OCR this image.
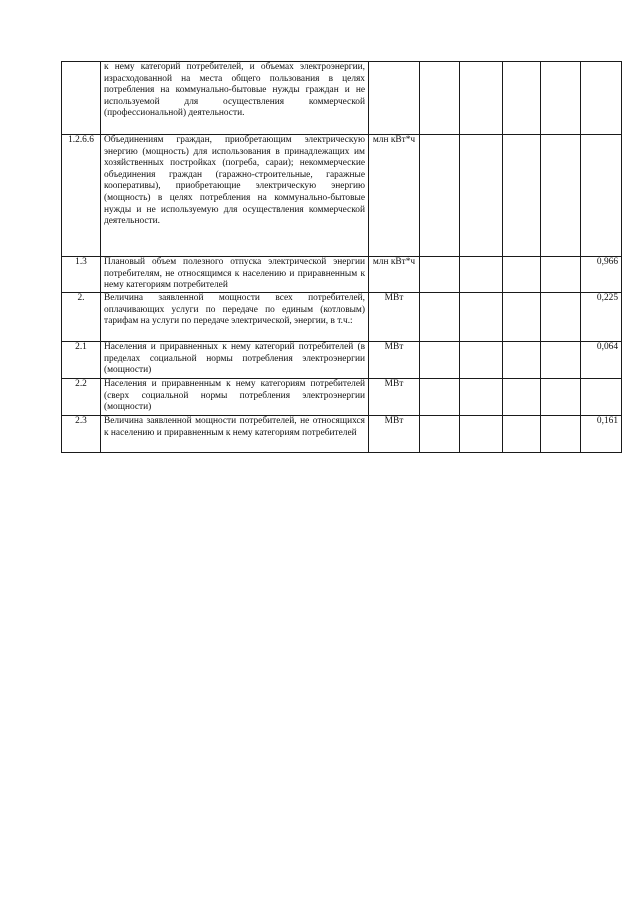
	к нему категорий потребителей, и объемах электроэнергии, израсходованной на места общего пользования в целях потребления на коммунально-бытовые нужды граждан и не используемой для осуществления коммерческой (профессиональной) деятельности.						
1.2.6.6	Объединениям граждан, приобретающим электрическую энергию (мощность) для использования в принадлежащих им хозяйственных постройках (погреба, сараи); некоммерческие объединения граждан (гаражно-строительные, гаражные кооперативы), приобретающие электрическую энергию (мощность) в целях потребления на коммунально-бытовые нужды и не используемую для осуществления коммерческой деятельности.	млн кВт*ч					
1.3	Плановый объем полезного отпуска электрической энергии потребителям, не относящимся к населению и приравненным к нему категориям потребителей	млн кВт*ч					0,966
2.	Величина заявленной мощности всех потребителей, оплачивающих услуги по передаче по единым (котловым) тарифам на услуги по передаче электрической, энергии, в т.ч.:	МВт					0,225
2.1	Населения и приравненных к нему категорий потребителей (в пределах социальной нормы потребления электроэнергии (мощности)	МВт					0,064
2.2	Населения и приравненным к нему категориям потребителей (сверх социальной нормы потребления электроэнергии (мощности)	МВт					
2.3	Величина заявленной мощности потребителей, не относящихся к населению и приравненным к нему категориям потребителей	МВт					0,161
